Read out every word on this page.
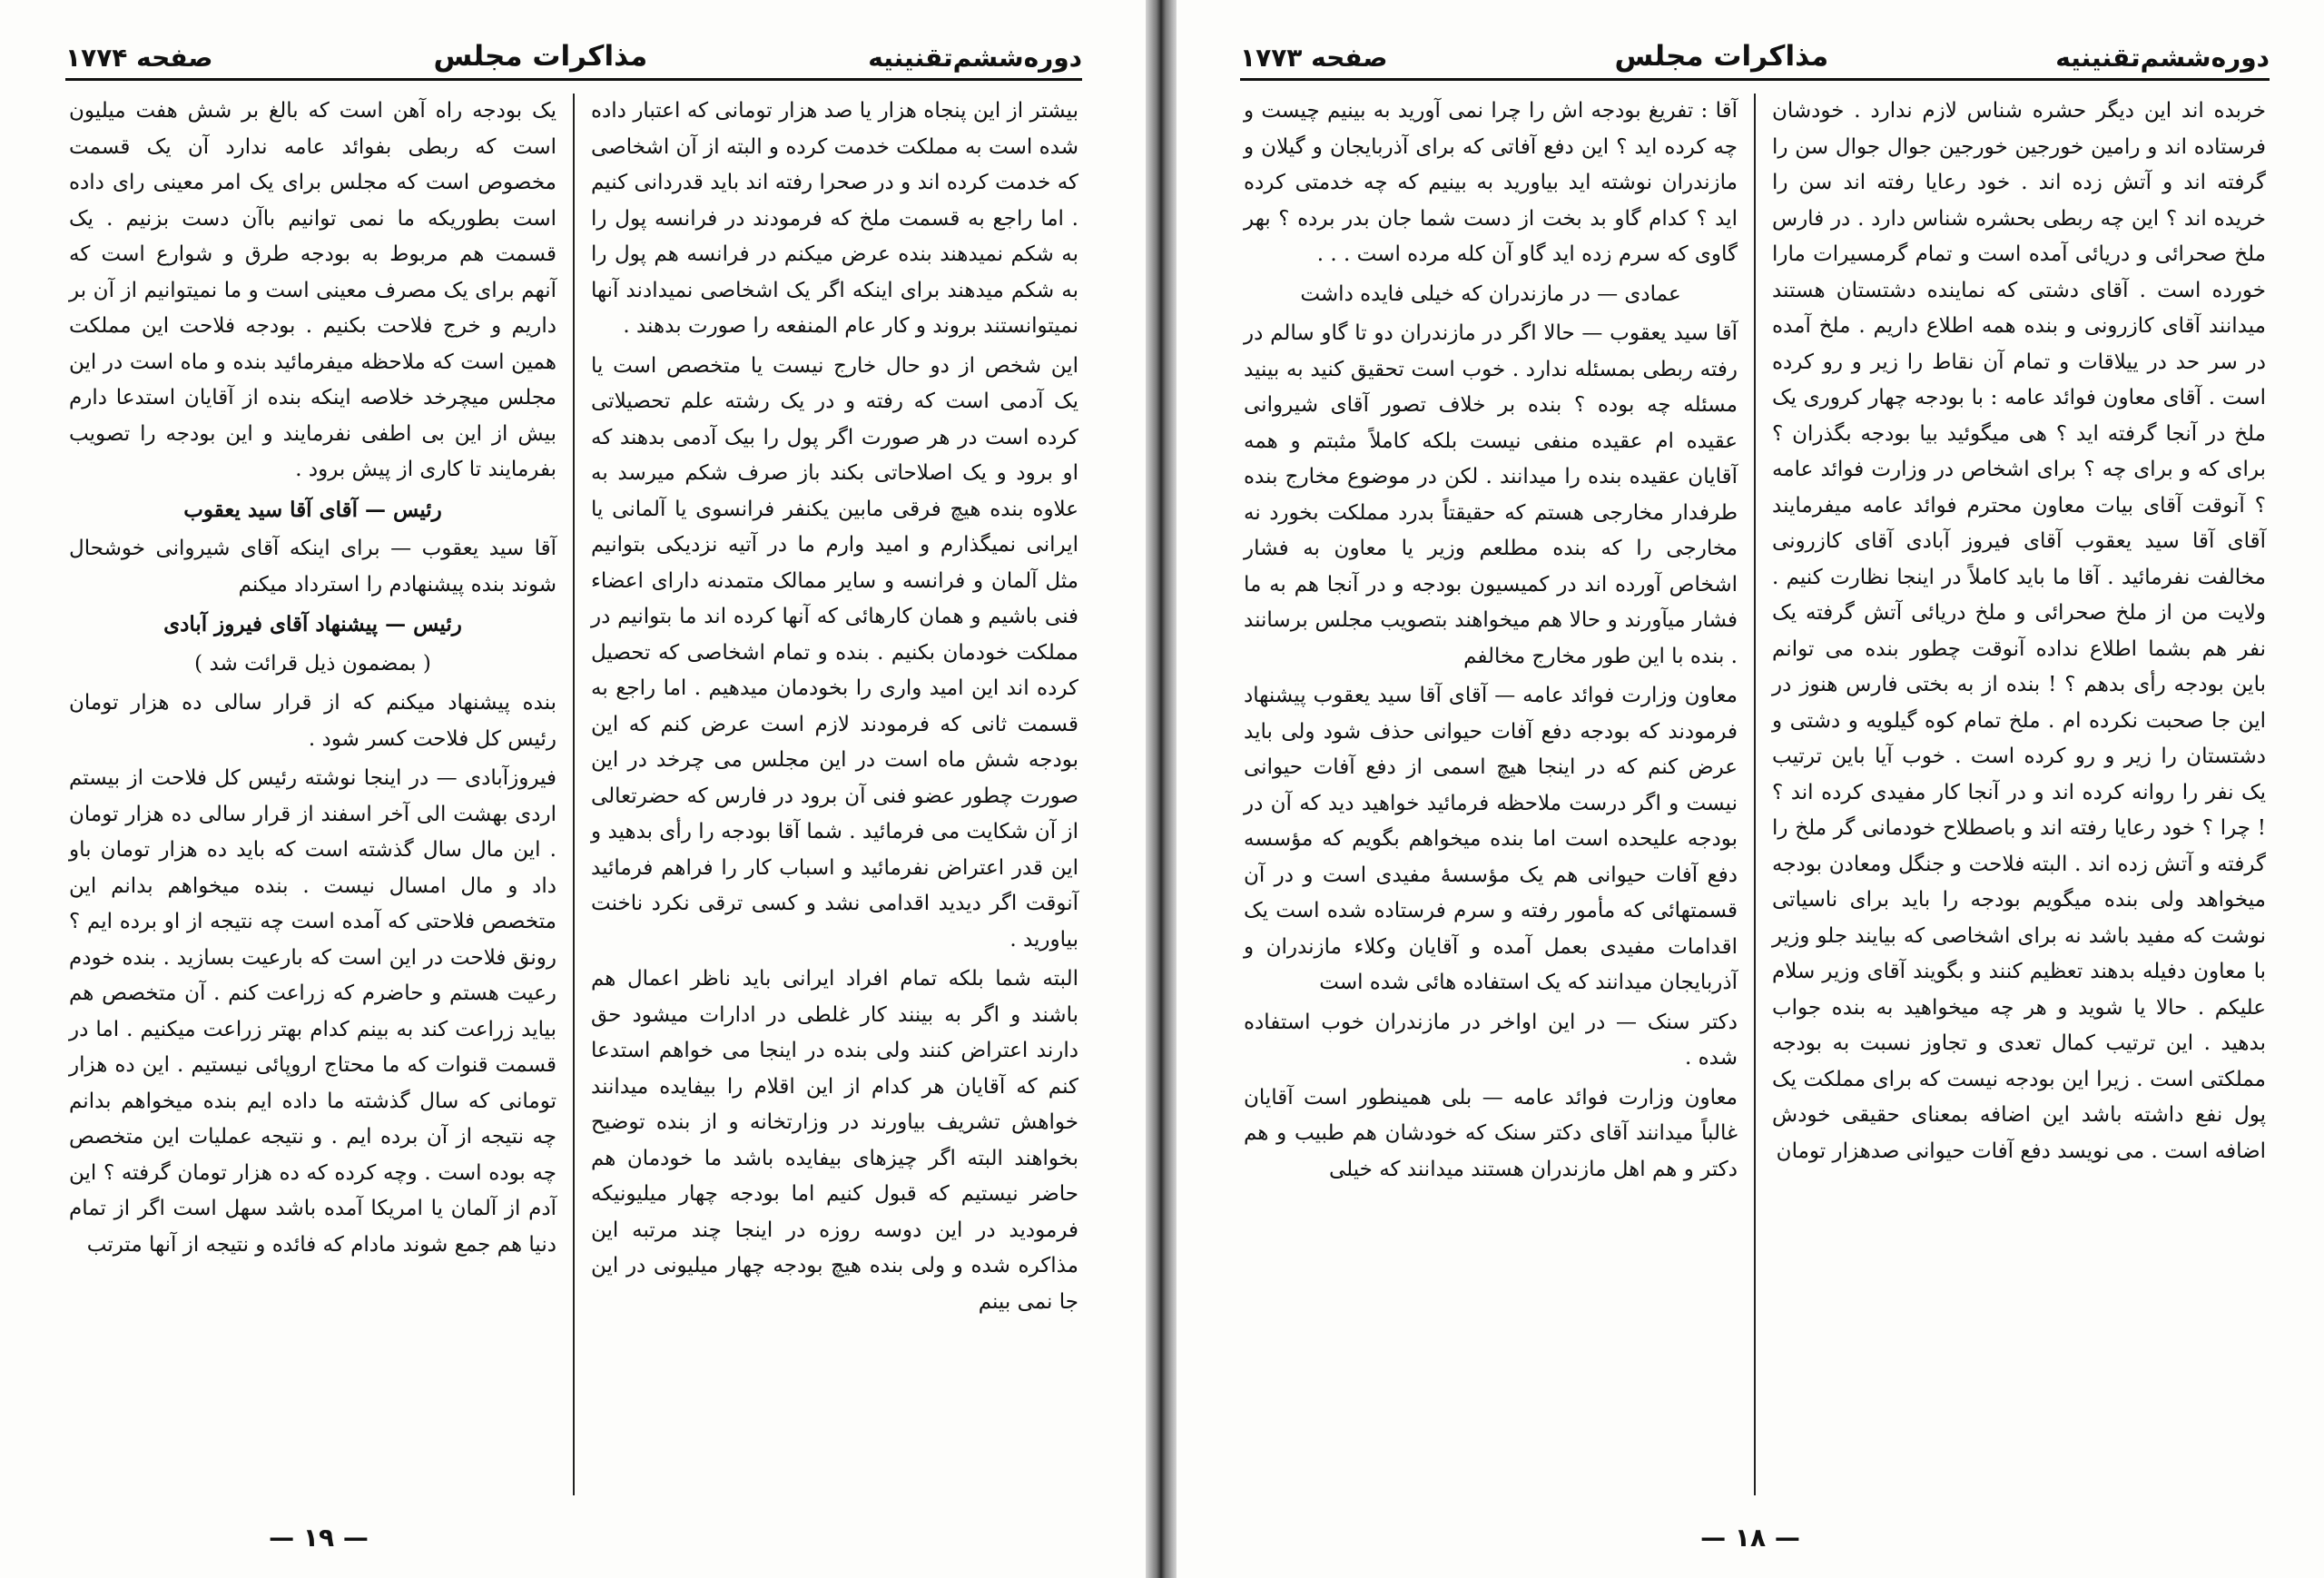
دوره‌ششم‌تقنینیه
مذاکرات مجلس
صفحه ۱۷۷۴

بیشتر از این پنجاه هزار یا صد هزار تومانی که اعتبار داده شده است به مملکت خدمت کرده و البته از آن اشخاصی که خدمت کرده اند و در صحرا رفته اند باید قدردانی کنیم . اما راجع به قسمت ملخ که فرمودند در فرانسه پول را به شکم نمیدهند بنده عرض میکنم در فرانسه هم پول را به شکم میدهند برای اینکه اگر یک اشخاصی نمیدادند آنها نمیتوانستند بروند و کار عام المنفعه را صورت بدهند .

این شخص از دو حال خارج نیست یا متخصص است یا یک آدمی است که رفته و در یک رشته علم تحصیلاتی کرده است در هر صورت اگر پول را بیک آدمی بدهند که او برود و یک اصلاحاتی بکند باز صرف شکم میرسد به علاوه بنده هیچ فرقی مابین یکنفر فرانسوی یا آلمانی یا ایرانی نمیگذارم و امید وارم ما در آتیه نزدیکی بتوانیم مثل آلمان و فرانسه و سایر ممالک متمدنه دارای اعضاء فنی باشیم و همان کارهائی که آنها کرده اند ما بتوانیم در مملکت خودمان بکنیم . بنده و تمام اشخاصی که تحصیل کرده اند این امید واری را بخودمان میدهیم . اما راجع به قسمت ثانی که فرمودند لازم است عرض کنم که این بودجه شش ماه است در این مجلس می چرخد در این صورت چطور عضو فنی آن برود در فارس که حضرتعالی از آن شکایت می فرمائید . شما آقا بودجه را رأی بدهید و این قدر اعتراض نفرمائید و اسباب کار را فراهم فرمائید آنوقت اگر دیدید اقدامی نشد و کسی ترقی نکرد ناخنت بیاورید .

البته شما بلکه تمام افراد ایرانی باید ناظر اعمال هم باشند و اگر به بینند کار غلطی در ادارات میشود حق دارند اعتراض کنند ولی بنده در اینجا می خواهم استدعا کنم که آقایان هر کدام از این اقلام را بیفایده میدانند خواهش تشریف بیاورند در وزارتخانه و از بنده توضیح بخواهند البته اگر چیزهای بیفایده باشد ما خودمان هم حاضر نیستیم که قبول کنیم اما بودجه چهار میلیونیکه فرمودید در این دوسه روزه در اینجا چند مرتبه این مذاکره شده و ولی بنده هیچ بودجه چهار میلیونی در این جا نمی بینم

یک بودجه راه آهن است که بالغ بر شش هفت میلیون است که ربطی بفوائد عامه ندارد آن یک قسمت مخصوص است که مجلس برای یک امر معینی رای داده است بطوریکه ما نمی توانیم باآن دست بزنیم . یک قسمت هم مربوط به بودجه طرق و شوارع است که آنهم برای یک مصرف معینی است و ما نمیتوانیم از آن بر داریم و خرج فلاحت بکنیم . بودجه فلاحت این مملکت همین است که ملاحظه میفرمائید بنده و ماه است در این مجلس میچرخد خلاصه اینکه بنده از آقایان استدعا دارم بیش از این بی اطفی نفرمایند و این بودجه را تصویب بفرمایند تا کاری از پیش برود .

رئیس — آقای آقا سید یعقوب

آقا سید یعقوب — برای اینکه آقای شیروانی خوشحال شوند بنده پیشنهادم را استرداد میکنم

رئیس — پیشنهاد آقای فیروز آبادی

( بمضمون ذیل قرائت شد )

بنده پیشنهاد میکنم که از قرار سالی ده هزار تومان رئیس کل فلاحت کسر شود .

فیروزآبادی — در اینجا نوشته رئیس کل فلاحت از بیستم اردی بهشت الی آخر اسفند از قرار سالی ده هزار تومان . این مال سال گذشته است که باید ده هزار تومان باو داد و مال امسال نیست . بنده میخواهم بدانم این متخصص فلاحتی که آمده است چه نتیجه از او برده ایم ؟ رونق فلاحت در این است که بارعیت بسازید . بنده خودم رعیت هستم و حاضرم که زراعت کنم . آن متخصص هم بیاید زراعت کند به بینم کدام بهتر زراعت میکنیم . اما در قسمت قنوات که ما محتاج اروپائی نیستیم . این ده هزار تومانی که سال گذشته ما داده ایم بنده میخواهم بدانم چه نتیجه از آن برده ایم . و نتیجه عملیات این متخصص چه بوده است . وچه کرده که ده هزار تومان گرفته ؟ این آدم از آلمان یا امریکا آمده باشد سهل است اگر از تمام دنیا هم جمع شوند مادام که فائده و نتیجه از آنها مترتب

— ۱۹ —
دوره‌ششم‌تقنینیه
مذاکرات مجلس
صفحه ۱۷۷۳

خربده اند این دیگر حشره شناس لازم ندارد . خودشان فرستاده اند و رامین خورجین خورجین جوال جوال سن را گرفته اند و آتش زده اند . خود رعایا رفته اند سن را خریده اند ؟ این چه ربطی بحشره شناس دارد . در فارس ملخ صحرائی و دریائی آمده است و تمام گرمسیرات مارا خورده است . آقای دشتی که نماینده دشتستان هستند میدانند آقای کازرونی و بنده همه اطلاع داریم . ملخ آمده در سر حد در ییلاقات و تمام آن نقاط را زیر و رو کرده است . آقای معاون فوائد عامه : با بودجه چهار کروری یک ملخ در آنجا گرفته اید ؟ هی میگوئید بیا بودجه بگذران ؟ برای که و برای چه ؟ برای اشخاص در وزارت فوائد عامه ؟ آنوقت آقای بیات معاون محترم فوائد عامه میفرمایند آقای آقا سید یعقوب آقای فیروز آبادی آقای کازرونی مخالفت نفرمائید . آقا ما باید کاملاً در اینجا نظارت کنیم . ولایت من از ملخ صحرائی و ملخ دریائی آتش گرفته یک نفر هم بشما اطلاع نداده آنوقت چطور بنده می توانم باین بودجه رأی بدهم ؟ ! بنده از به بختی فارس هنوز در این جا صحبت نکرده ام . ملخ تمام کوه گیلویه و دشتی و دشتستان را زیر و رو کرده است . خوب آیا باین ترتیب یک نفر را روانه کرده اند و در آنجا کار مفیدی کرده اند ؟ ! چرا ؟ خود رعایا رفته اند و باصطلاح خودمانی گر ملخ را گرفته و آتش زده اند . البته فلاحت و جنگل ومعادن بودجه میخواهد ولی بنده میگویم بودجه را باید برای ناسیاتی نوشت که مفید باشد نه برای اشخاصی که بیایند جلو وزیر با معاون دفیله بدهند تعظیم کنند و بگویند آقای وزیر سلام علیکم . حالا یا شوید و هر چه میخواهید به بنده جواب بدهید . این ترتیب کمال تعدی و تجاوز نسبت به بودجه مملکتی است . زیرا این بودجه نیست که برای مملکت یک پول نفع داشته باشد این اضافه بمعنای حقیقی خودش اضافه است . می نویسد دفع آفات حیوانی صدهزار تومان

آقا : تفریغ بودجه اش را چرا نمی آورید به بینیم چیست و چه کرده اید ؟ این دفع آفاتی که برای آذربایجان و گیلان و مازندران نوشته اید بیاورید به بینیم که چه خدمتی کرده اید ؟ کدام گاو بد بخت از دست شما جان بدر برده ؟ بهر گاوی که سرم زده اید گاو آن کله مرده است . . .

عمادی — در مازندران که خیلی فایده داشت

آقا سید یعقوب — حالا اگر در مازندران دو تا گاو سالم در رفته ربطی بمسئله ندارد . خوب است تحقیق کنید به بینید مسئله چه بوده ؟ بنده بر خلاف تصور آقای شیروانی عقیده ام عقیده منفی نیست بلکه کاملاً مثبتم و همه آقایان عقیده بنده را میدانند . لکن در موضوع مخارج بنده طرفدار مخارجی هستم که حقیقتاً بدرد مملکت بخورد نه مخارجی را که بنده مطلعم وزیر یا معاون به فشار اشخاص آورده اند در کمیسیون بودجه و در آنجا هم به ما فشار میآورند و حالا هم میخواهند بتصویب مجلس برسانند . بنده با این طور مخارج مخالفم

معاون وزارت فوائد عامه — آقای آقا سید یعقوب پیشنهاد فرمودند که بودجه دفع آفات حیوانی حذف شود ولی باید عرض کنم که در اینجا هیچ اسمی از دفع آفات حیوانی نیست و اگر درست ملاحظه فرمائید خواهید دید که آن در بودجه علیحده است اما بنده میخواهم بگویم که مؤسسه دفع آفات حیوانی هم یک مؤسسهٔ مفیدی است و در آن قسمتهائی که مأمور رفته و سرم فرستاده شده است یک اقدامات مفیدی بعمل آمده و آقایان وکلاء مازندران و آذربایجان میدانند که یک استفاده هائی شده است

دکتر سنک — در این اواخر در مازندران خوب استفاده شده .

معاون وزارت فوائد عامه — بلی همینطور است آقایان غالباً میدانند آقای دکتر سنک که خودشان هم طبیب و هم دکتر و هم اهل مازندران هستند میدانند که خیلی

— ۱۸ —
